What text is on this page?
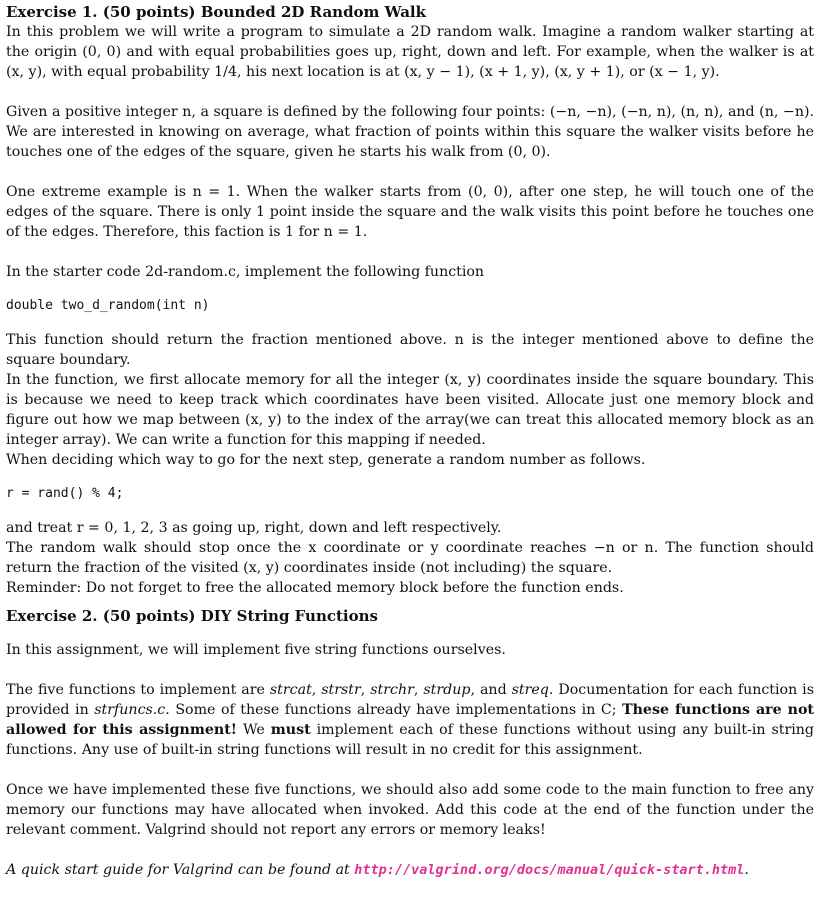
Exercise 1. (50 points) Bounded 2D Random Walk

In this problem we will write a program to simulate a 2D random walk. Imagine a random walker starting at the origin (0, 0) and with equal probabilities goes up, right, down and left. For example, when the walker is at (x, y), with equal probability 1/4, his next location is at (x, y − 1), (x + 1, y), (x, y + 1), or (x − 1, y).

Given a positive integer n, a square is defined by the following four points: (−n, −n), (−n, n), (n, n), and (n, −n). We are interested in knowing on average, what fraction of points within this square the walker visits before he touches one of the edges of the square, given he starts his walk from (0, 0).

One extreme example is n = 1. When the walker starts from (0, 0), after one step, he will touch one of the edges of the square. There is only 1 point inside the square and the walk visits this point before he touches one of the edges. Therefore, this faction is 1 for n = 1.

In the starter code 2d-random.c, implement the following function

double two_d_random(int n)

This function should return the fraction mentioned above. n is the integer mentioned above to define the square boundary.

In the function, we first allocate memory for all the integer (x, y) coordinates inside the square boundary. This is because we need to keep track which coordinates have been visited. Allocate just one memory block and figure out how we map between (x, y) to the index of the array(we can treat this allocated memory block as an integer array). We can write a function for this mapping if needed.

When deciding which way to go for the next step, generate a random number as follows.

r = rand() % 4;

and treat r = 0, 1, 2, 3 as going up, right, down and left respectively.

The random walk should stop once the x coordinate or y coordinate reaches −n or n. The function should return the fraction of the visited (x, y) coordinates inside (not including) the square.

Reminder: Do not forget to free the allocated memory block before the function ends.

Exercise 2. (50 points) DIY String Functions

In this assignment, we will implement five string functions ourselves.

The five functions to implement are strcat, strstr, strchr, strdup, and streq. Documentation for each function is provided in strfuncs.c. Some of these functions already have implementations in C; These functions are not allowed for this assignment! We must implement each of these functions without using any built-in string functions. Any use of built-in string functions will result in no credit for this assignment.

Once we have implemented these five functions, we should also add some code to the main function to free any memory our functions may have allocated when invoked. Add this code at the end of the function under the relevant comment. Valgrind should not report any errors or memory leaks!

A quick start guide for Valgrind can be found at http://valgrind.org/docs/manual/quick-start.html.
